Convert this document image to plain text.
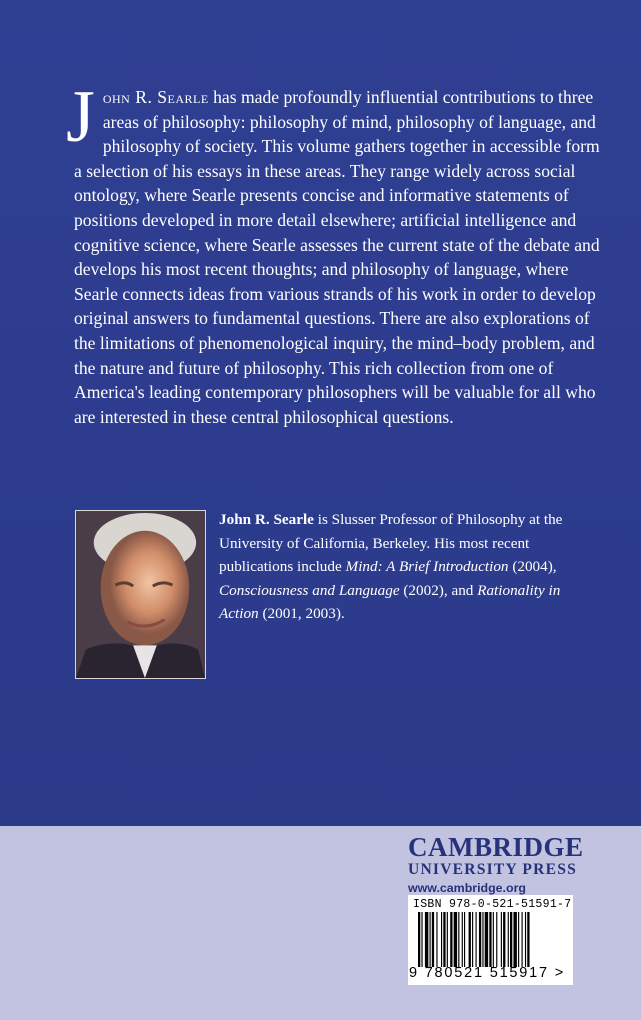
J ohn R. Searle has made profoundly influential contributions to three areas of philosophy: philosophy of mind, philosophy of language, and philosophy of society. This volume gathers together in accessible form a selection of his essays in these areas. They range widely across social ontology, where Searle presents concise and informative statements of positions developed in more detail elsewhere; artificial intelligence and cognitive science, where Searle assesses the current state of the debate and develops his most recent thoughts; and philosophy of language, where Searle connects ideas from various strands of his work in order to develop original answers to fundamental questions. There are also explorations of the limitations of phenomenological inquiry, the mind–body problem, and the nature and future of philosophy. This rich collection from one of America's leading contemporary philosophers will be valuable for all who are interested in these central philosophical questions.
John R. Searle is Slusser Professor of Philosophy at the University of California, Berkeley. His most recent publications include Mind: A Brief Introduction (2004), Consciousness and Language (2002), and Rationality in Action (2001, 2003).
CAMBRIDGE
UNIVERSITY PRESS
www.cambridge.org
ISBN 978-0-521-51591-7
9 780521 515917 >
